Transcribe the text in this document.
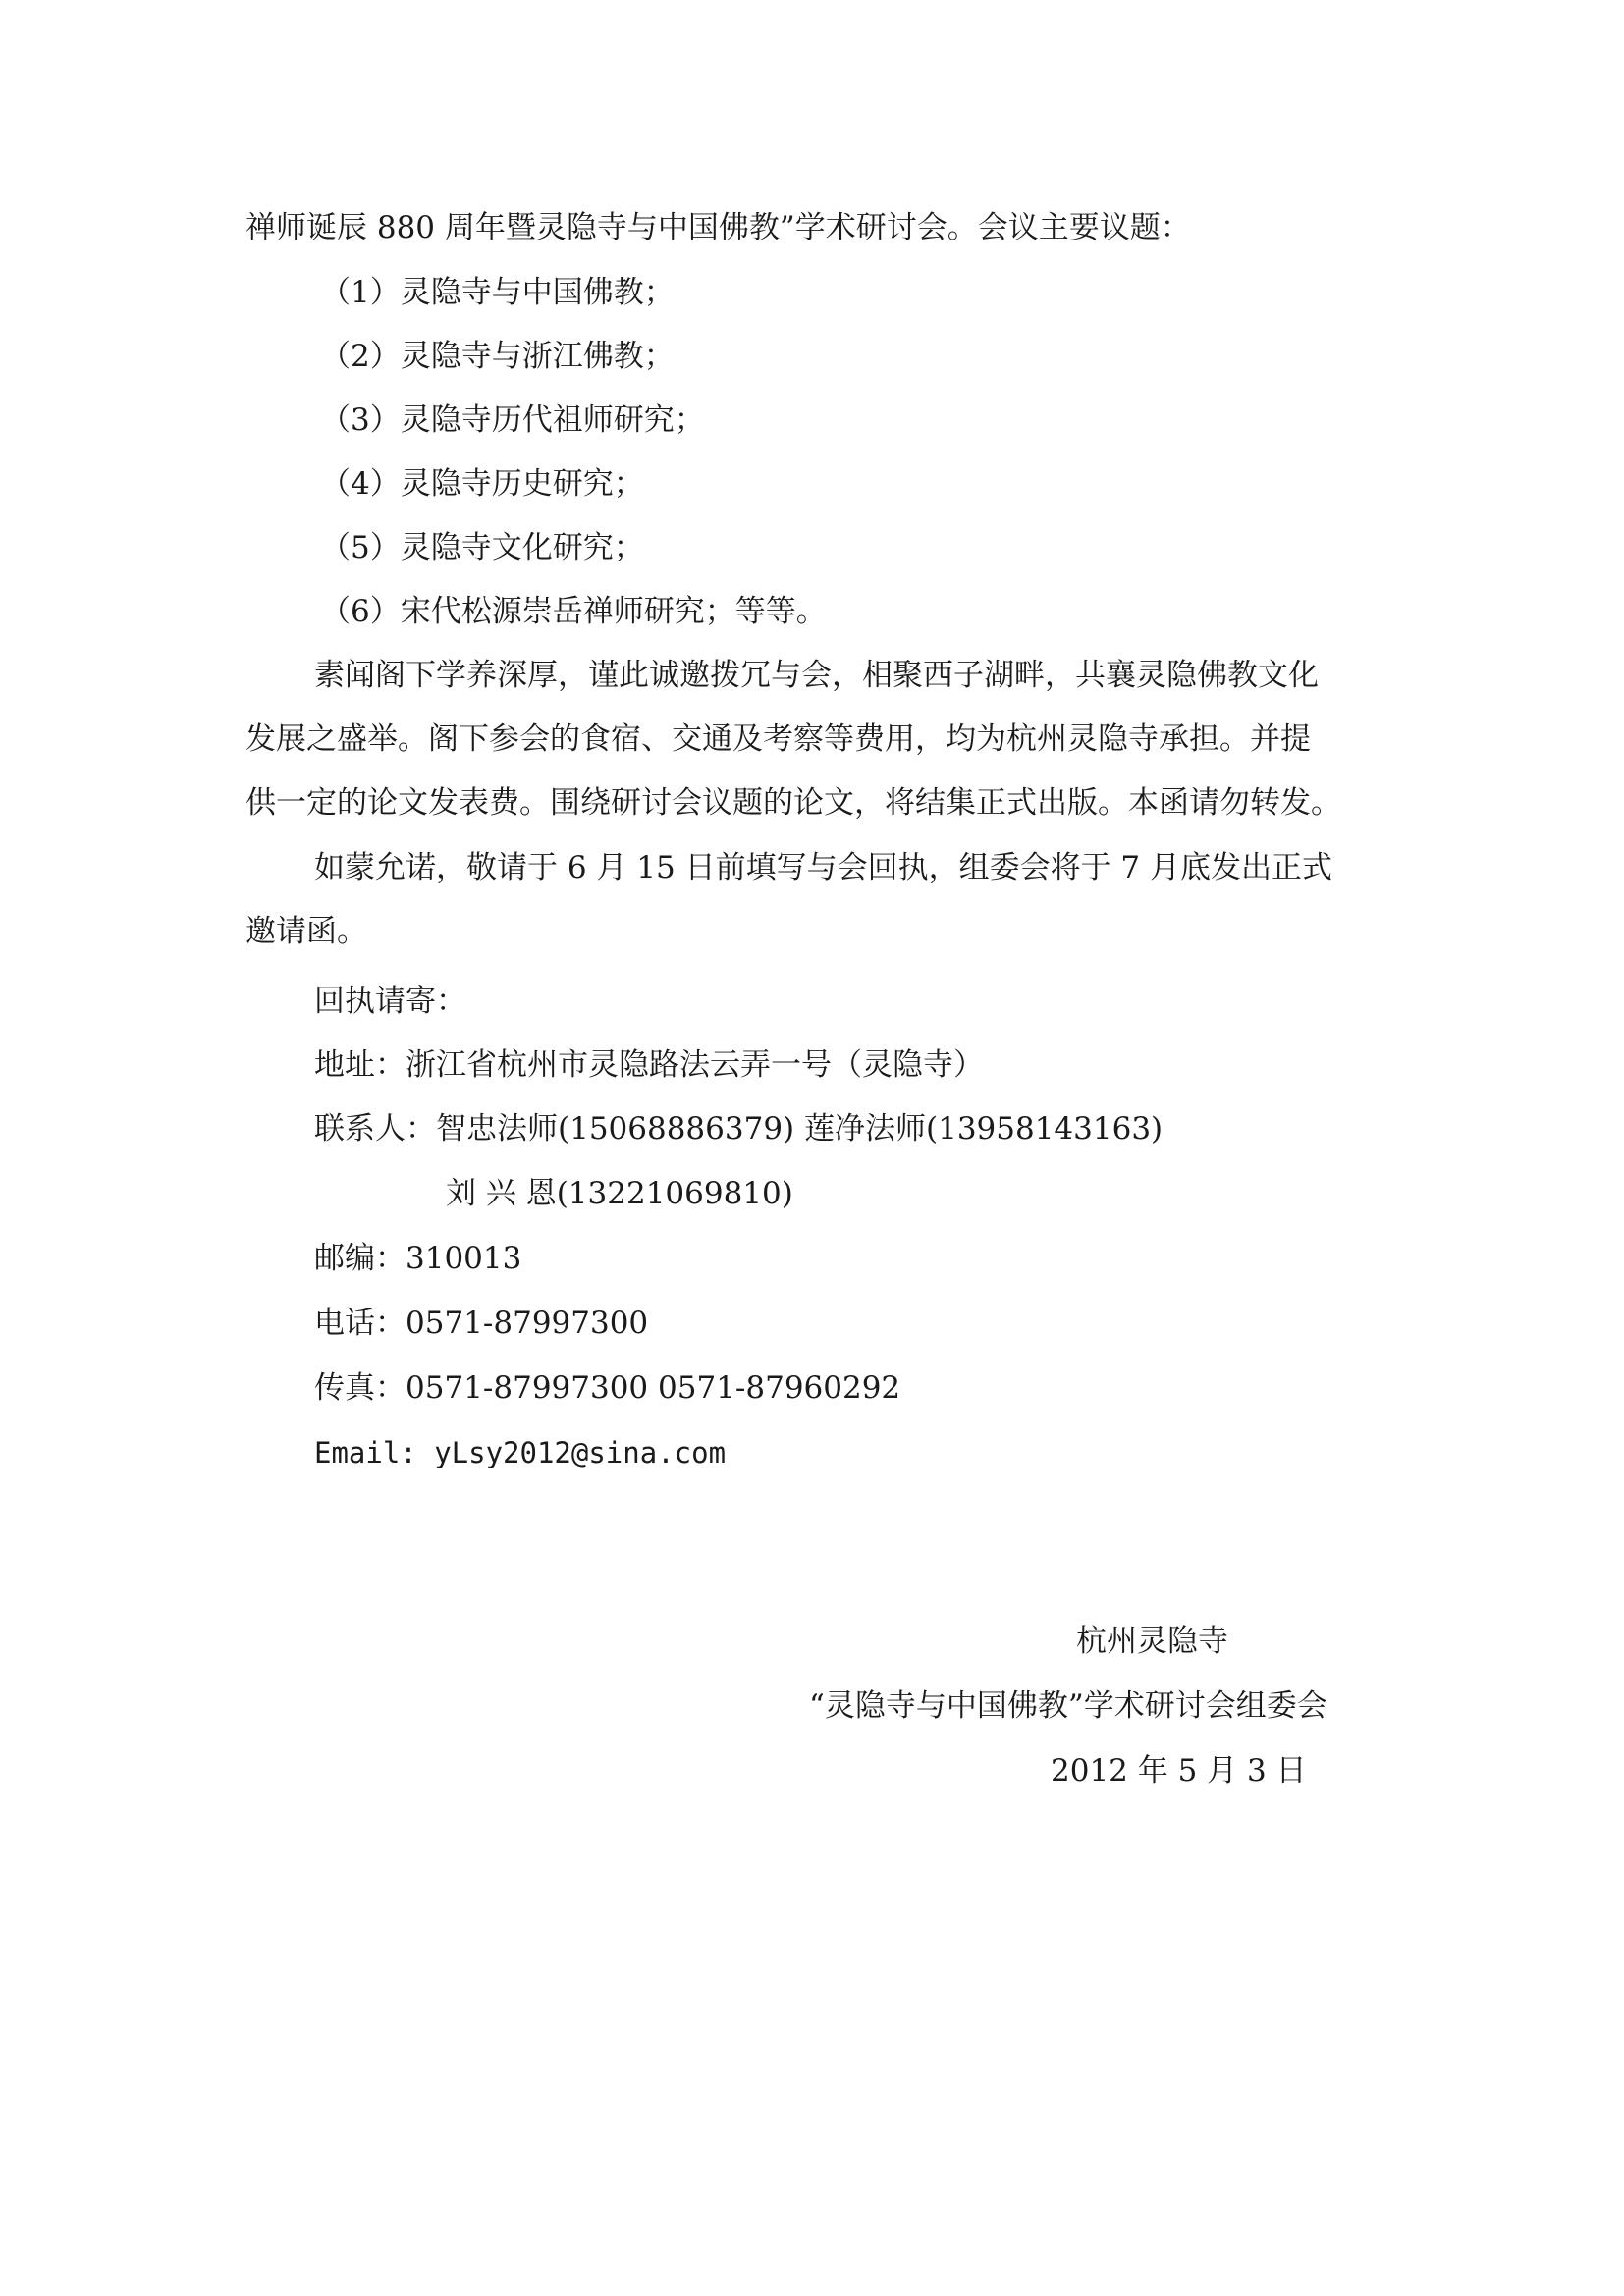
禅师诞辰 880 周年暨灵隐寺与中国佛教”学术研讨会。会议主要议题：
（1）灵隐寺与中国佛教；
（2）灵隐寺与浙江佛教；
（3）灵隐寺历代祖师研究；
（4）灵隐寺历史研究；
（5）灵隐寺文化研究；
（6）宋代松源崇岳禅师研究；等等。
素闻阁下学养深厚，谨此诚邀拨冗与会，相聚西子湖畔，共襄灵隐佛教文化
发展之盛举。阁下参会的食宿、交通及考察等费用，均为杭州灵隐寺承担。并提
供一定的论文发表费。围绕研讨会议题的论文，将结集正式出版。本函请勿转发。
如蒙允诺，敬请于 6 月 15 日前填写与会回执，组委会将于 7 月底发出正式
邀请函。
回执请寄：
地址：浙江省杭州市灵隐路法云弄一号（灵隐寺）
联系人：智忠法师(15068886379) 莲净法师(13958143163)
刘 兴 恩(13221069810)
邮编：310013
电话：0571-87997300
传真：0571-87997300 0571-87960292
Email: yLsy2012@sina.com
杭州灵隐寺
“灵隐寺与中国佛教”学术研讨会组委会
2012 年 5 月 3 日
